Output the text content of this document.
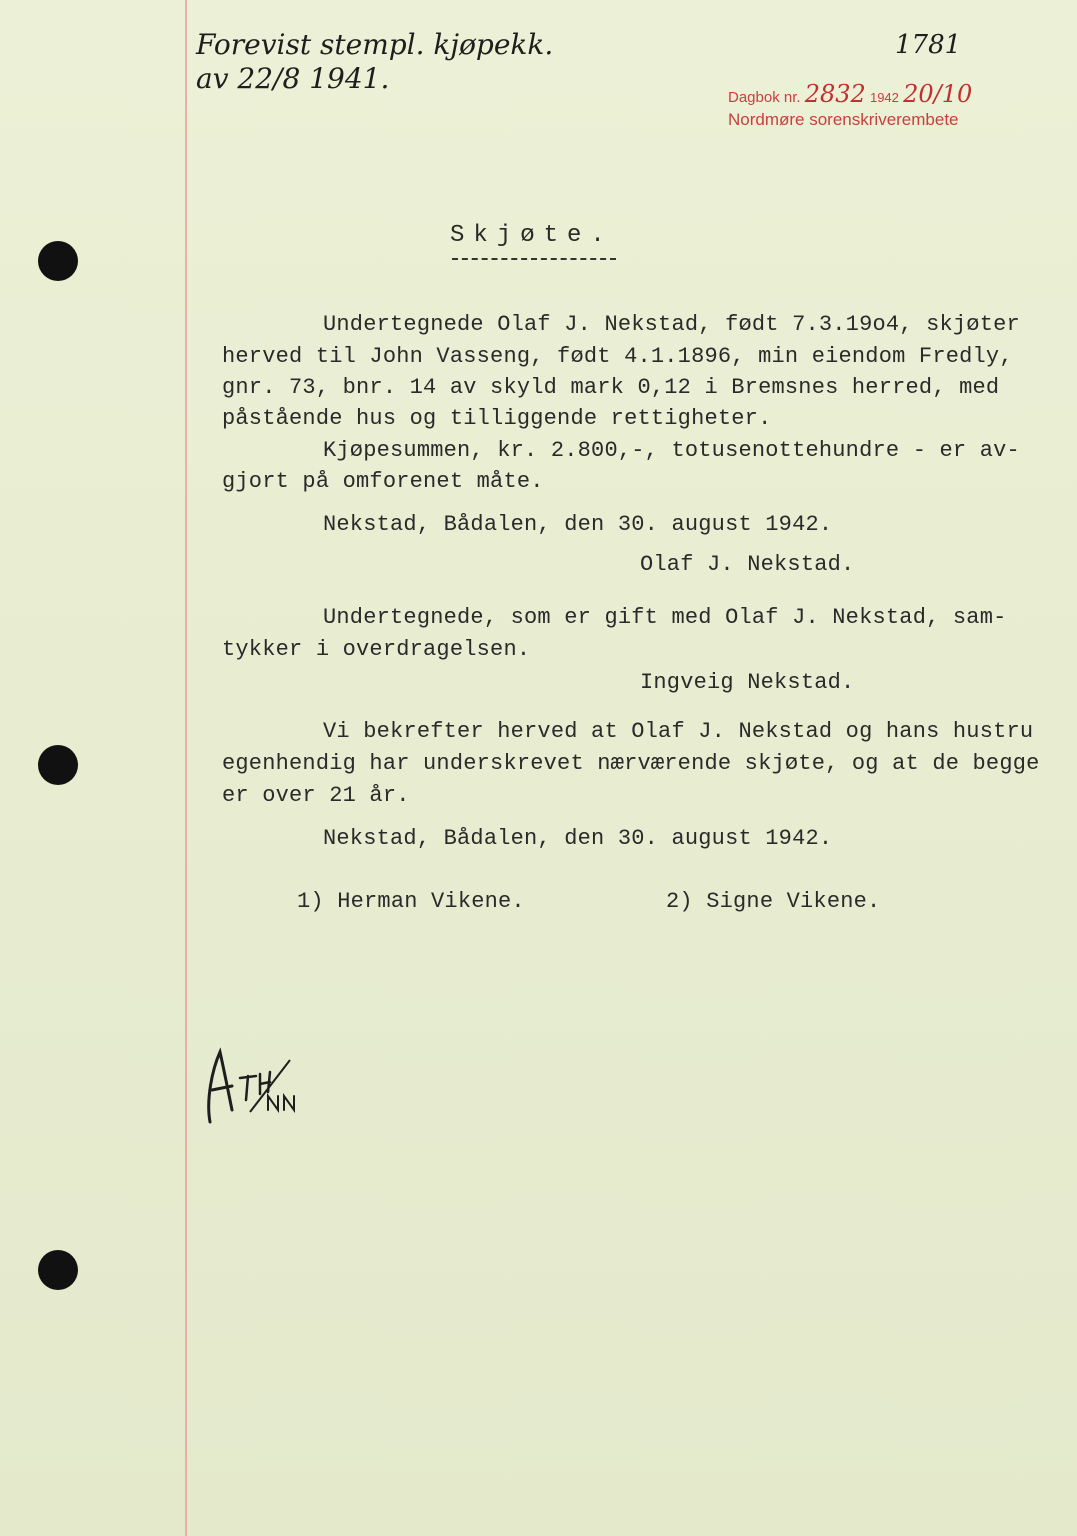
Forevist stempl. kjøpekk.
av 22/8 1941.
1781
Dagbok nr. 2832 1942 20/10
Nordmøre sorenskriverembete
Skjøte.
Undertegnede Olaf J. Nekstad, født 7.3.19o4, skjøter
herved til John Vasseng, født 4.1.1896, min eiendom Fredly,
gnr. 73, bnr. 14 av skyld mark 0,12 i Bremsnes herred, med
påstående hus og tilliggende rettigheter.
Kjøpesummen, kr. 2.800,-, totusenottehundre - er av-
gjort på omforenet måte.
Nekstad, Bådalen, den 30. august 1942.
Olaf J. Nekstad.
Undertegnede, som er gift med Olaf J. Nekstad, sam-
tykker i overdragelsen.
Ingveig Nekstad.
Vi bekrefter herved at Olaf J. Nekstad og hans hustru
egenhendig har underskrevet nærværende skjøte, og at de begge
er over 21 år.
Nekstad, Bådalen, den 30. august 1942.
1) Herman Vikene.	2) Signe Vikene.
